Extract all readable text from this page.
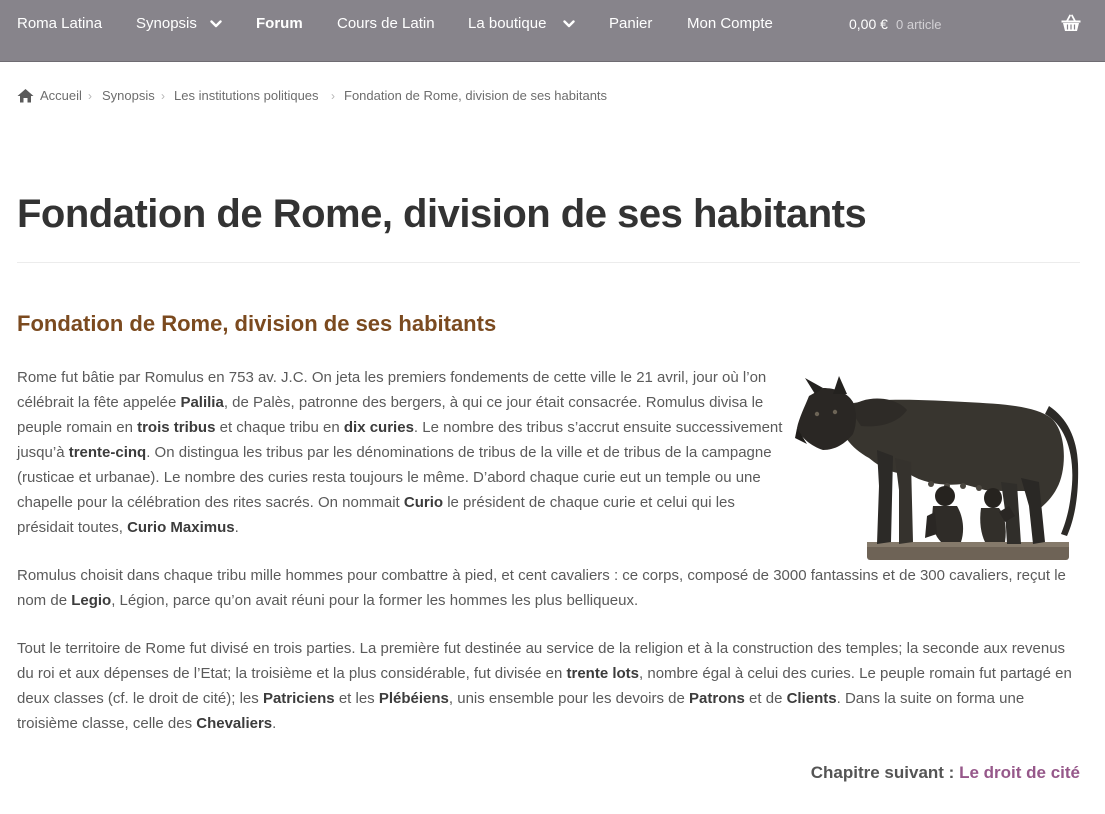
Roma Latina Synopsis	Forum Cours de Latin La boutique	Panier Mon Compte	0,00 € 0 article
Accueil › Synopsis › Les institutions politiques › Fondation de Rome, division de ses habitants
Fondation de Rome, division de ses habitants
Fondation de Rome, division de ses habitants

Rome fut bâtie par Romulus en 753 av. J.C. On jeta les premiers fondements de cette ville le 21 avril, jour où l’on célébrait la fête appelée Palilia, de Palès, patronne des bergers, à qui ce jour était consacrée. Romulus divisa le peuple romain en trois tribus et chaque tribu en dix curies. Le nombre des tribus s’accrut ensuite successivement jusqu’à trente-cinq. On distingua les tribus par les dénominations de tribus de la ville et de tribus de la campagne (rusticae et urbanae). Le nombre des curies resta toujours le même. D’abord chaque curie eut un temple ou une chapelle pour la célébration des rites sacrés. On nommait Curio le président de chaque curie et celui qui les présidait toutes, Curio Maximus.

Romulus choisit dans chaque tribu mille hommes pour combattre à pied, et cent cavaliers : ce corps, composé de 3000 fantassins et de 300 cavaliers, reçut le nom de Legio, Légion, parce qu’on avait réuni pour la former les hommes les plus belliqueux.

Tout le territoire de Rome fut divisé en trois parties. La première fut destinée au service de la religion et à la construction des temples; la seconde aux revenus du roi et aux dépenses de l’Etat; la troisième et la plus considérable, fut divisée en trente lots, nombre égal à celui des curies. Le peuple romain fut partagé en deux classes (cf. le droit de cité); les Patriciens et les Plébéiens, unis ensemble pour les devoirs de Patrons et de Clients. Dans la suite on forma une troisième classe, celle des Chevaliers.

Chapitre suivant : Le droit de cité
